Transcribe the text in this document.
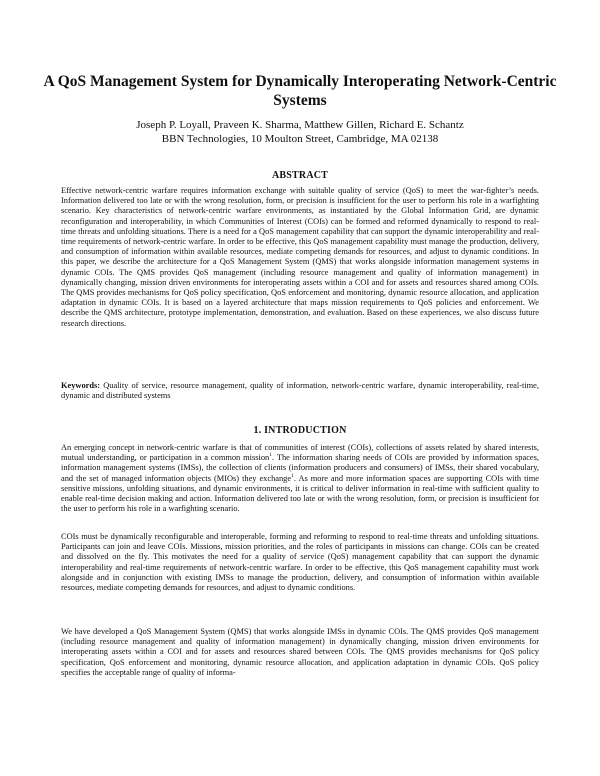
A QoS Management System for Dynamically Interoperating Network-Centric Systems
Joseph P. Loyall, Praveen K. Sharma, Matthew Gillen, Richard E. Schantz
BBN Technologies, 10 Moulton Street, Cambridge, MA 02138
ABSTRACT

Effective network-centric warfare requires information exchange with suitable quality of service (QoS) to meet the war-fighter’s needs. Information delivered too late or with the wrong resolution, form, or precision is insufficient for the user to perform his role in a warfighting scenario. Key characteristics of network-centric warfare environments, as instantiated by the Global Information Grid, are dynamic reconfiguration and interoperability, in which Communities of Interest (COIs) can be formed and reformed dynamically to respond to real-time threats and unfolding situations. There is a need for a QoS management capability that can support the dynamic interoperability and real-time requirements of network-centric warfare. In order to be effective, this QoS management capability must manage the production, delivery, and consumption of information within available resources, mediate competing demands for resources, and adjust to dynamic conditions. In this paper, we describe the architecture for a QoS Management System (QMS) that works alongside information management systems in dynamic COIs. The QMS provides QoS management (including resource management and quality of information management) in dynamically changing, mission driven environments for interoperating assets within a COI and for assets and resources shared among COIs. The QMS provides mechanisms for QoS policy specification, QoS enforcement and monitoring, dynamic resource allocation, and application adaptation in dynamic COIs. It is based on a layered architecture that maps mission requirements to QoS policies and enforcement. We describe the QMS architecture, prototype implementation, demonstration, and evaluation. Based on these experiences, we also discuss future research directions.

Keywords: Quality of service, resource management, quality of information, network-centric warfare, dynamic interoperability, real-time, dynamic and distributed systems

1. INTRODUCTION

An emerging concept in network-centric warfare is that of communities of interest (COIs), collections of assets related by shared interests, mutual understanding, or participation in a common mission$^1$. The information sharing needs of COIs are provided by information spaces, information management systems (IMSs), the collection of clients (information producers and consumers) of IMSs, their shared vocabulary, and the set of managed information objects (MIOs) they exchange$^1$. As more and more information spaces are supporting COIs with time sensitive missions, unfolding situations, and dynamic environments, it is critical to deliver information in real-time with sufficient quality to enable real-time decision making and action. Information delivered too late or with the wrong resolution, form, or precision is insufficient for the user to perform his role in a warfighting scenario.

COIs must be dynamically reconfigurable and interoperable, forming and reforming to respond to real-time threats and unfolding situations. Participants can join and leave COIs. Missions, mission priorities, and the roles of participants in missions can change. COIs can be created and dissolved on the fly. This motivates the need for a quality of service (QoS) management capability that can support the dynamic interoperability and real-time requirements of network-centric warfare. In order to be effective, this QoS management capability must work alongside and in conjunction with existing IMSs to manage the production, delivery, and consumption of information within available resources, mediate competing demands for resources, and adjust to dynamic conditions.

We have developed a QoS Management System (QMS) that works alongside IMSs in dynamic COIs. The QMS provides QoS management (including resource management and quality of information management) in dynamically changing, mission driven environments for interoperating assets within a COI and for assets and resources shared between COIs. The QMS provides mechanisms for QoS policy specification, QoS enforcement and monitoring, dynamic resource allocation, and application adaptation in dynamic COIs. QoS policy specifies the acceptable range of quality of informa-
